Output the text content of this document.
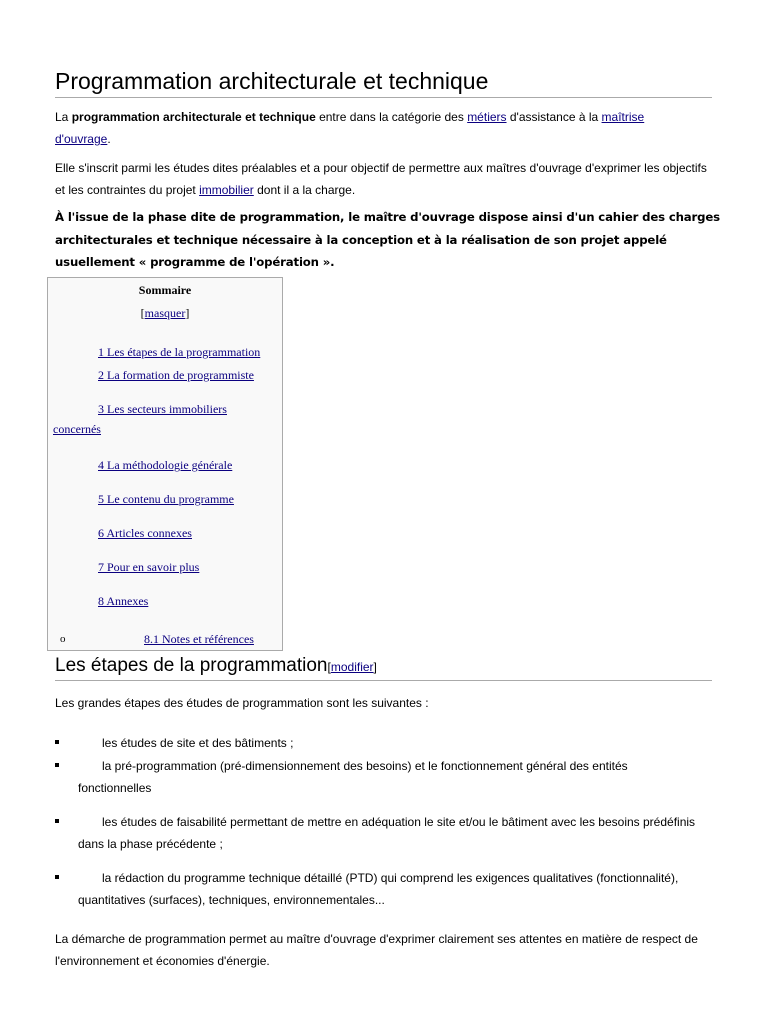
Programmation architecturale et technique

La programmation architecturale et technique entre dans la catégorie des métiers d'assistance à la maîtrise
d'ouvrage.

Elle s'inscrit parmi les études dites préalables et a pour objectif de permettre aux maîtres d'ouvrage d'exprimer les objectifs et les contraintes du projet immobilier dont il a la charge.

À l'issue de la phase dite de programmation, le maître d'ouvrage dispose ainsi d'un cahier des charges architecturales et technique nécessaire à la conception et à la réalisation de son projet appelé usuellement « programme de l'opération ».

Sommaire
[masquer]
1 Les étapes de la programmation
2 La formation de programmiste
3 Les secteurs immobiliers
concernés
4 La méthodologie générale
5 Le contenu du programme
6 Articles connexes
7 Pour en savoir plus
8 Annexes
o	8.1 Notes et références
Les étapes de la programmation[modifier]

Les grandes étapes des études de programmation sont les suivantes :

les études de site et des bâtiments ;
la pré-programmation (pré-dimensionnement des besoins) et le fonctionnement général des entités
fonctionnelles
les études de faisabilité permettant de mettre en adéquation le site et/ou le bâtiment avec les besoins prédéfinis
dans la phase précédente ;
la rédaction du programme technique détaillé (PTD) qui comprend les exigences qualitatives (fonctionnalité),
quantitatives (surfaces), techniques, environnementales...

La démarche de programmation permet au maître d'ouvrage d'exprimer clairement ses attentes en matière de respect de l'environnement et économies d'énergie.
